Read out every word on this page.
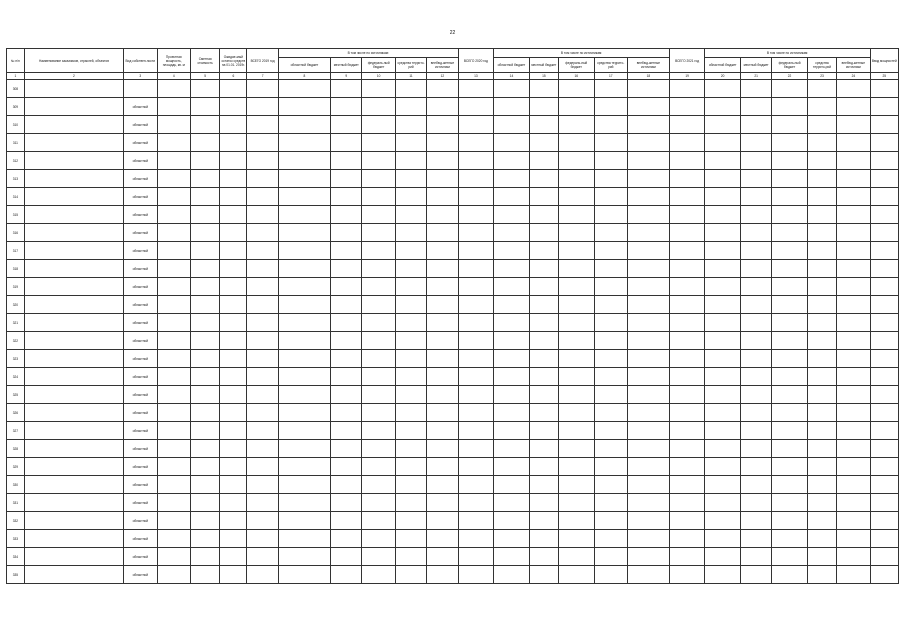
22
№ п/п	Наименование заказчиков, отраслей, объектов	Вид собствен-ности	Проектная мощность, площадь, кв. м	Сметная стоимость	Ожидае-мый остаток средств на 01.01. 2019г.	ВСЕГО 2019 год	В том числе по источникам:					ВСЕГО 2020 год	В том числе по источникам:					ВСЕГО 2021 год	В том числе по источникам:					Ввод мощностей
							областной бюджет	местный бюджет	федераль-ный бюджет	средства террито-рий	внебюд-жетные источники		областной бюджет	местный бюджет	федераль-ный бюджет	средства террито-рий	внебюд-жетные источники		областной бюджет	местный бюджет	федераль-ный бюджет	средства террито-рий	внебюд-жетные источники	
1	2	3	4	5	6	7	8	9	10	11	12	13	14	15	16	17	18	19	20	21	22	23	24	25
308																								
309		областной																						
310		областной																						
311		областной																						
312		областной																						
313		областной																						
314		областной																						
315		областной																						
316		областной																						
317		областной																						
318		областной																						
319		областной																						
320		областной																						
321		областной																						
322		областной																						
323		областной																						
324		областной																						
325		областной																						
326		областной																						
327		областной																						
328		областной																						
329		областной																						
330		областной																						
331		областной																						
332		областной																						
333		областной																						
334		областной																						
335		областной																						
